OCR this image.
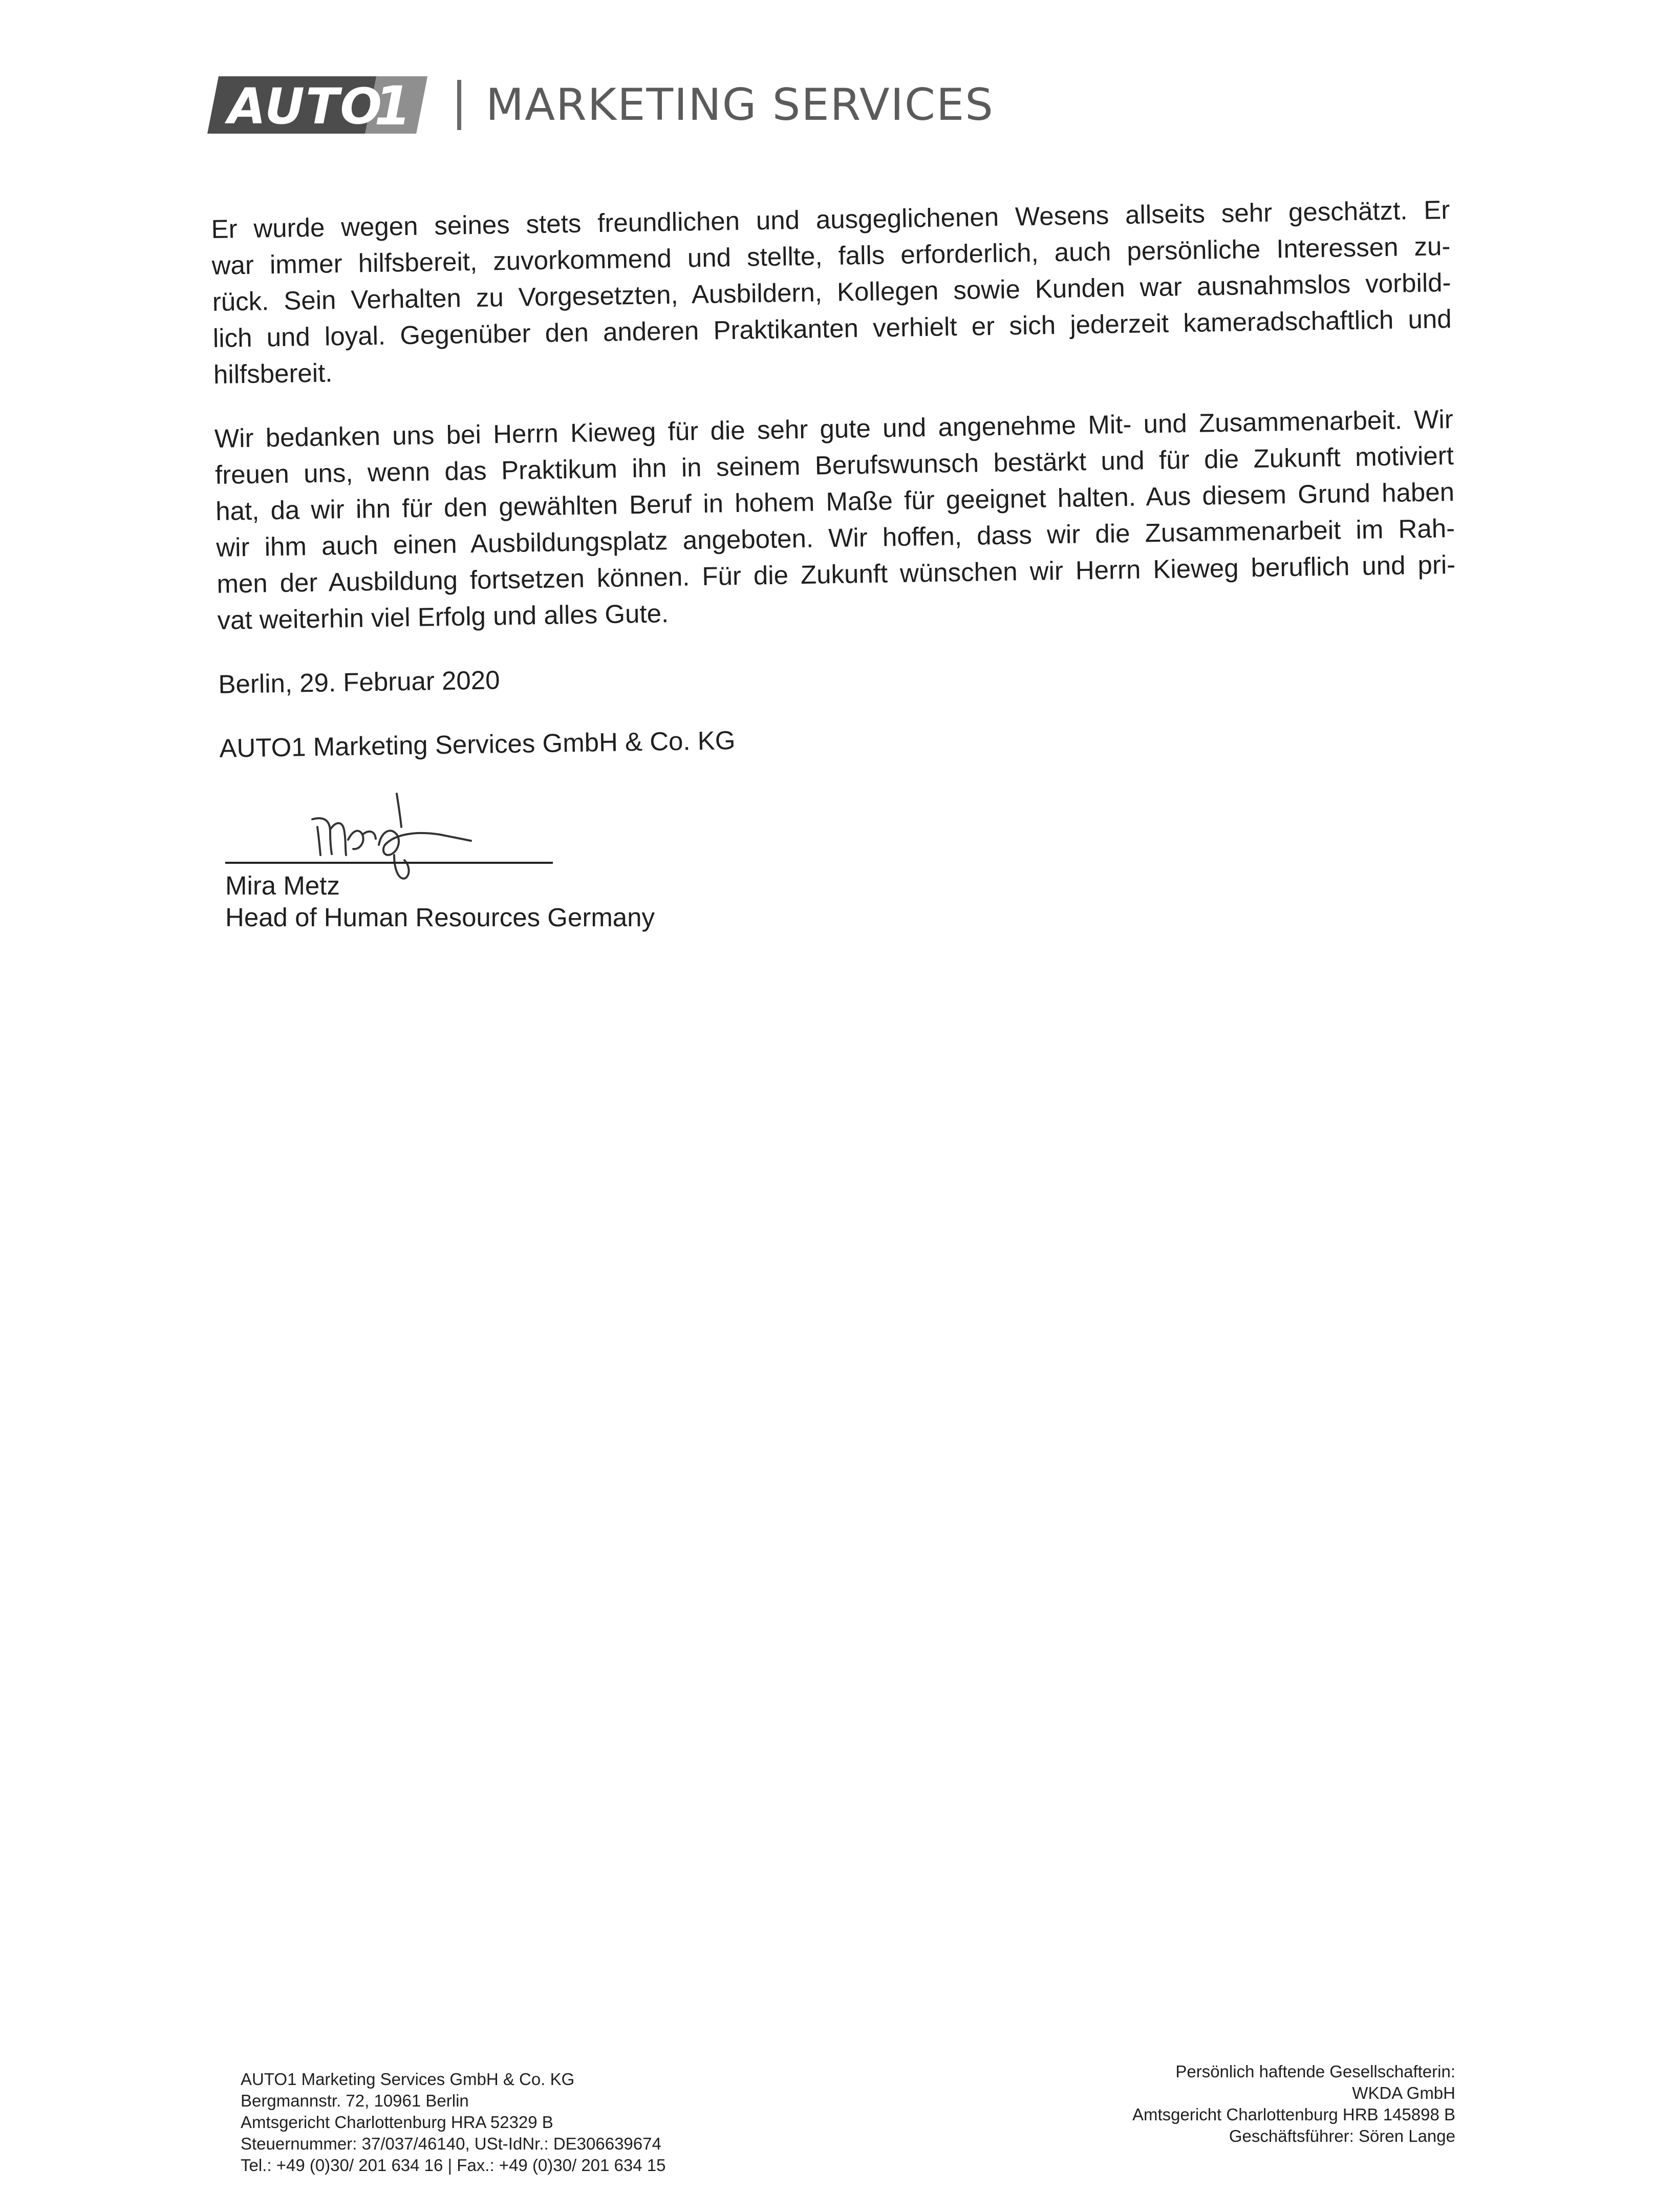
AUTO
1 MARKETING SERVICES
Er wurde wegen seines stets freundlichen und ausgeglichenen Wesens allseits sehr geschätzt. Er
war immer hilfsbereit, zuvorkommend und stellte, falls erforderlich, auch persönliche Interessen zu-
rück. Sein Verhalten zu Vorgesetzten, Ausbildern, Kollegen sowie Kunden war ausnahmslos vorbild-
lich und loyal. Gegenüber den anderen Praktikanten verhielt er sich jederzeit kameradschaftlich und
hilfsbereit.
Wir bedanken uns bei Herrn Kieweg für die sehr gute und angenehme Mit- und Zusammenarbeit. Wir
freuen uns, wenn das Praktikum ihn in seinem Berufswunsch bestärkt und für die Zukunft motiviert
hat, da wir ihn für den gewählten Beruf in hohem Maße für geeignet halten. Aus diesem Grund haben
wir ihm auch einen Ausbildungsplatz angeboten. Wir hoffen, dass wir die Zusammenarbeit im Rah-
men der Ausbildung fortsetzen können. Für die Zukunft wünschen wir Herrn Kieweg beruflich und pri-
vat weiterhin viel Erfolg und alles Gute.

Berlin, 29. Februar 2020

AUTO1 Marketing Services GmbH & Co. KG

Mira Metz
Head of Human Resources Germany
AUTO1 Marketing Services GmbH & Co. KG
Bergmannstr. 72, 10961 Berlin
Amtsgericht Charlottenburg HRA 52329 B
Steuernummer: 37/037/46140, USt-IdNr.: DE306639674
Tel.: +49 (0)30/ 201 634 16 | Fax.: +49 (0)30/ 201 634 15
Persönlich haftende Gesellschafterin:
WKDA GmbH
Amtsgericht Charlottenburg HRB 145898 B
Geschäftsführer: Sören Lange
